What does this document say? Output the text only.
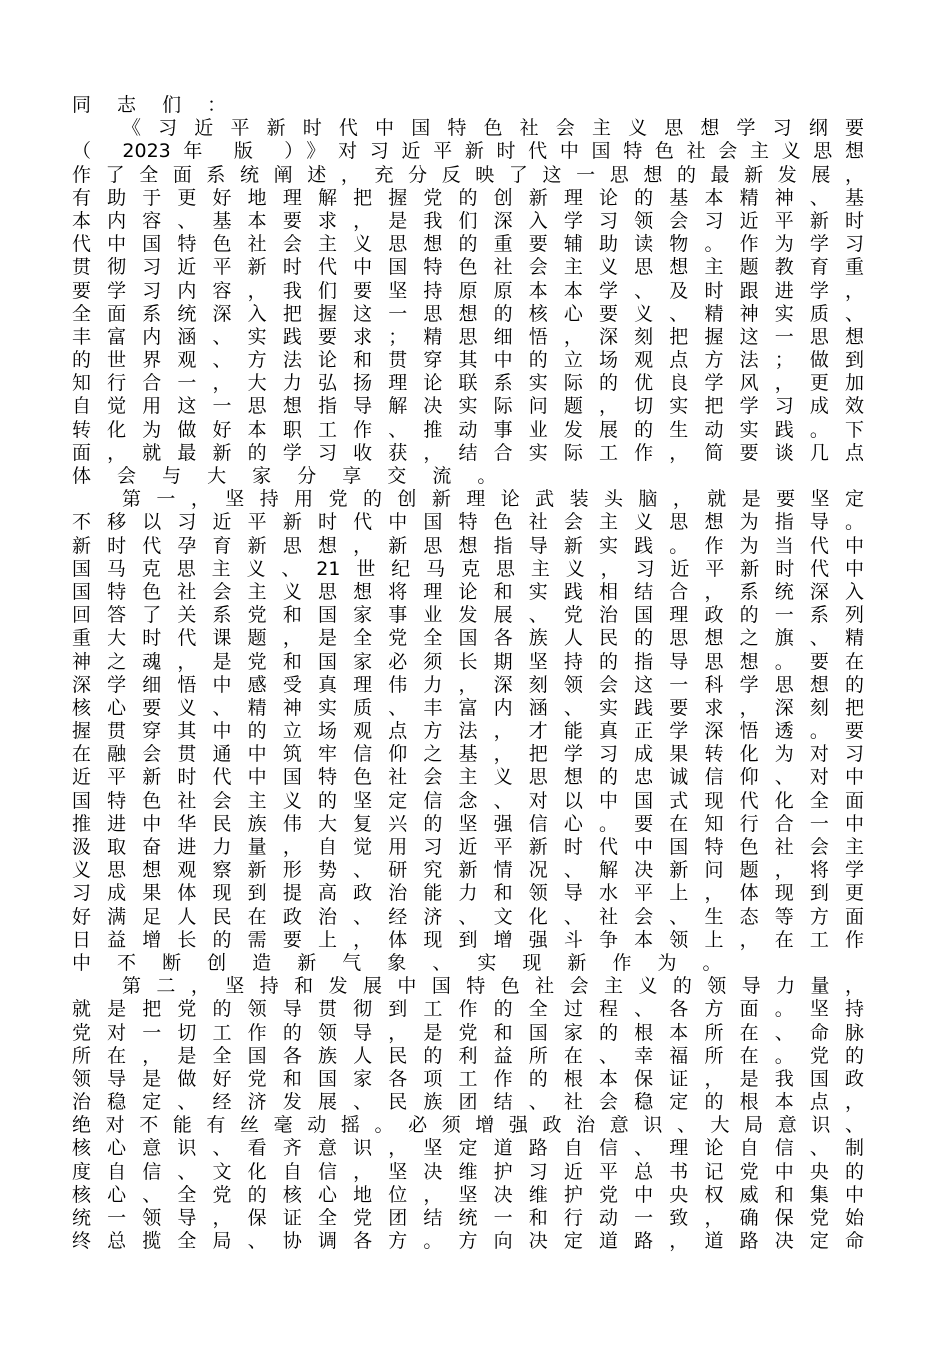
同 志 们 ：
《习近平新时代中国特色社会主义思想学习纲要
（ 2023年 版 ）》对习近平新时代中国特色社会主义思想
作了全面系统阐述，充分反映了这一思想的最新发展，
有助于更好地理解把握党的创新理论的基本精神、基
本内容、基本要求，是我们深入学习领会习近平新时
代中国特色社会主义思想的重要辅助读物。作为学习
贯彻习近平新时代中国特色社会主义思想主题教育重
要学习内容，我们要坚持原原本本学、及时跟进学，
全面系统深入把握这一思想的核心要义、精神实质、
丰富内涵、实践要求；精思细悟，深刻把握这一思想
的世界观、方法论和贯穿其中的立场观点方法；做到
知行合一，大力弘扬理论联系实际的优良学风，更加
自觉用这一思想指导解决实际问题，切实把学习成效
转化为做好本职工作、推动事业发展的生动实践。下
面，就最新的学习收获，结合实际工作，简要谈几点
体 会 与 大 家 分 享 交 流 。
第一，坚持用党的创新理论武装头脑，就是要坚定
不移以习近平新时代中国特色社会主义思想为指导。
新时代孕育新思想，新思想指导新实践。作为当代中
国马克思主义、21世纪马克思主义，习近平新时代中
国特色社会主义思想将理论和实践相结合，系统深入
回答了关系党和国家事业发展、党治国理政的一系列
重大时代课题，是全党全国各族人民的思想之旗、精
神之魂，是党和国家必须长期坚持的指导思想。要在
深学细悟中感受真理伟力，深刻领会这一科学思想的
核心要义、精神实质、丰富内涵、实践要求，深刻把
握贯穿其中的立场观点方法，才能真正学深悟透。要
在融会贯通中筑牢信仰之基，把学习成果转化为对习
近平新时代中国特色社会主义思想的忠诚信仰、对中
国特色社会主义的坚定信念、对以中国式现代化全面
推进中华民族伟大复兴的坚强信心。要在知行合一中
汲取奋进力量，自觉用习近平新时代中国特色社会主
义思想观察新形势、研究新情况、解决新问题，将学
习成果体现到提高政治能力和领导水平上，体现到更
好满足人民在政治、经济、文化、社会、生态等方面
日益增长的需要上，体现到增强斗争本领上，在工作
中 不 断 创 造 新 气 象 、 实 现 新 作 为 。
第二，坚持和发展中国特色社会主义的领导力量，
就是把党的领导贯彻到工作的全过程、各方面。坚持
党对一切工作的领导，是党和国家的根本所在、命脉
所在，是全国各族人民的利益所在、幸福所在。党的
领导是做好党和国家各项工作的根本保证，是我国政
治稳定、经济发展、民族团结、社会稳定的根本点，
绝对不能有丝毫动摇。必须增强政治意识、大局意识、
核心意识、看齐意识，坚定道路自信、理论自信、制
度自信、文化自信，坚决维护习近平总书记党中央的
核心、全党的核心地位，坚决维护党中央权威和集中
统一领导，保证全党团结统一和行动一致，确保党始
终总揽全局、协调各方。方向决定道路，道路决定命
